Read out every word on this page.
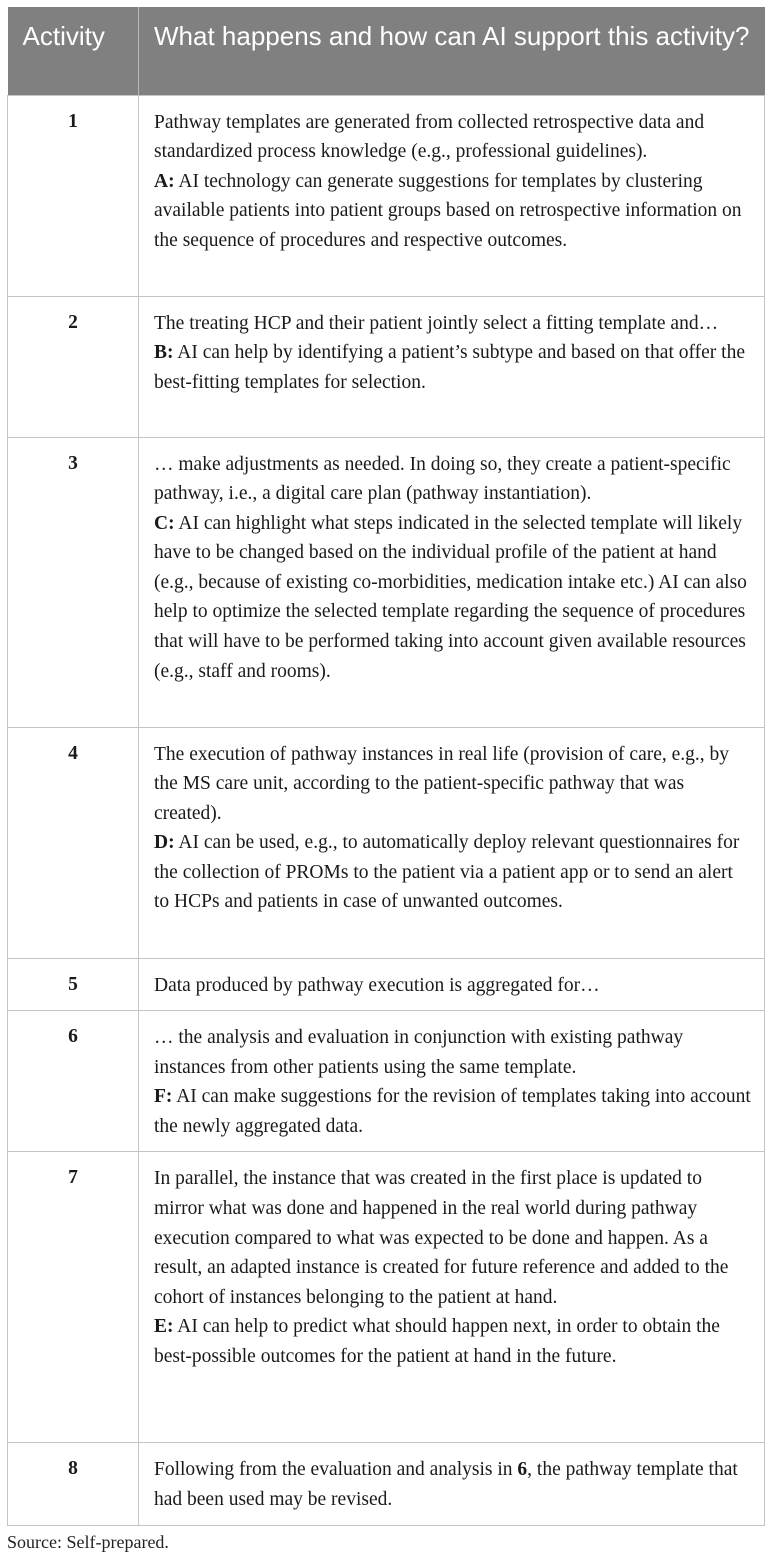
Activity	What happens and how can AI support this activity?
1	Pathway templates are generated from collected retrospective data and standardized process knowledge (e.g., professional guidelines).

A: AI technology can generate suggestions for templates by clustering available patients into patient groups based on retrospective information on the sequence of procedures and respective outcomes.

2	The treating HCP and their patient jointly select a fitting template and…

B: AI can help by identifying a patient’s subtype and based on that offer the best-fitting templates for selection.

3	… make adjustments as needed. In doing so, they create a patient-specific pathway, i.e., a digital care plan (pathway instantiation).

C: AI can highlight what steps indicated in the selected template will likely have to be changed based on the individual profile of the patient at hand (e.g., because of existing co-morbidities, medication intake etc.) AI can also help to optimize the selected template regarding the sequence of procedures that will have to be performed taking into account given available resources (e.g., staff and rooms).

4	The execution of pathway instances in real life (provision of care, e.g., by the MS care unit, according to the patient-specific pathway that was created).

D: AI can be used, e.g., to automatically deploy relevant questionnaires for the collection of PROMs to the patient via a patient app or to send an alert to HCPs and patients in case of unwanted outcomes.

5	Data produced by pathway execution is aggregated for…

6	… the analysis and evaluation in conjunction with existing pathway instances from other patients using the same template.

F: AI can make suggestions for the revision of templates taking into account the newly aggregated data.

7	In parallel, the instance that was created in the first place is updated to mirror what was done and happened in the real world during pathway execution compared to what was expected to be done and happen. As a result, an adapted instance is created for future reference and added to the cohort of instances belonging to the patient at hand.

E: AI can help to predict what should happen next, in order to obtain the best-possible outcomes for the patient at hand in the future.

8	Following from the evaluation and analysis in 6, the pathway template that had been used may be revised.

Source: Self-prepared.
